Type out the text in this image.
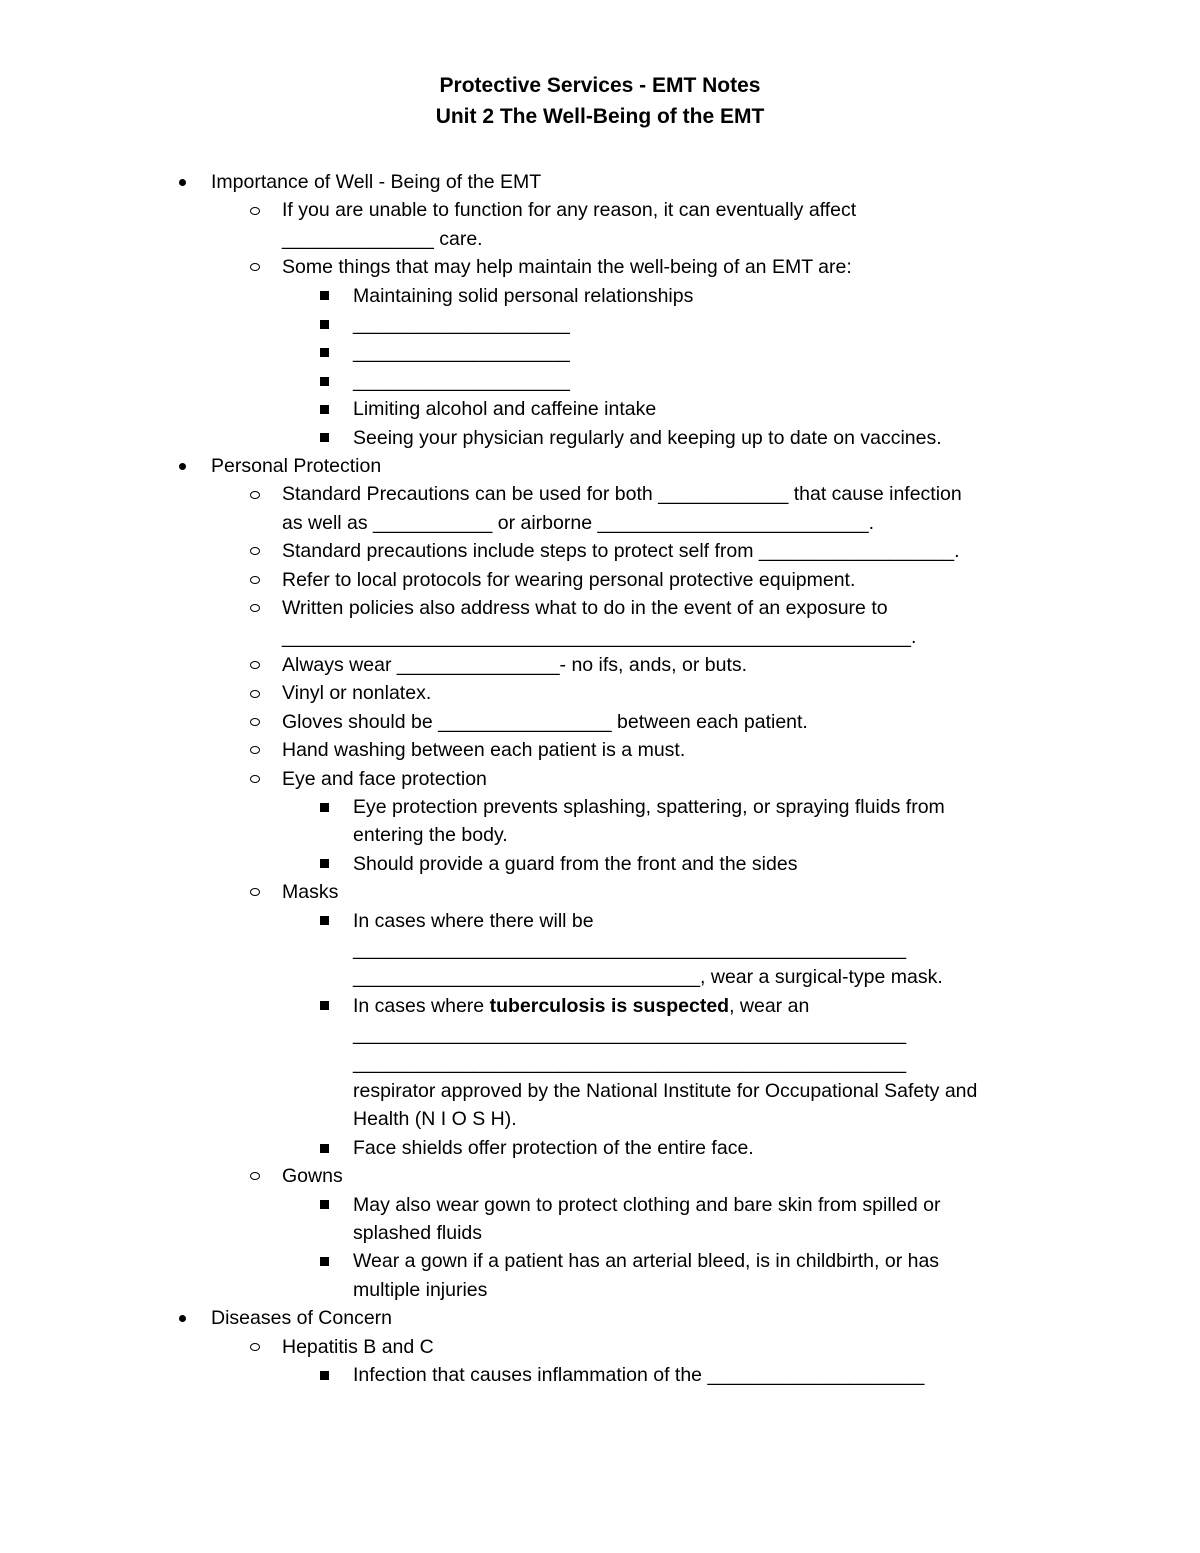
Protective Services - EMT Notes
Unit 2 The Well-Being of the EMT
Importance of Well - Being of the EMT
If you are unable to function for any reason, it can eventually affect
______________ care.
Some things that may help maintain the well-being of an EMT are:
Maintaining solid personal relationships
____________________
____________________
____________________
Limiting alcohol and caffeine intake
Seeing your physician regularly and keeping up to date on vaccines.
Personal Protection
Standard Precautions can be used for both ____________ that cause infection
as well as ___________ or airborne _________________________.
Standard precautions include steps to protect self from __________________.
Refer to local protocols for wearing personal protective equipment.
Written policies also address what to do in the event of an exposure to
__________________________________________________________.
Always wear _______________- no ifs, ands, or buts.
Vinyl or nonlatex.
Gloves should be ________________ between each patient.
Hand washing between each patient is a must.
Eye and face protection
Eye protection prevents splashing, spattering, or spraying fluids from
entering the body.
Should provide a guard from the front and the sides
Masks
In cases where there will be
___________________________________________________
________________________________, wear a surgical-type mask.
In cases where tuberculosis is suspected, wear an
___________________________________________________
___________________________________________________
respirator approved by the National Institute for Occupational Safety and
Health (N I O S H).
Face shields offer protection of the entire face.
Gowns
May also wear gown to protect clothing and bare skin from spilled or
splashed fluids
Wear a gown if a patient has an arterial bleed, is in childbirth, or has
multiple injuries
Diseases of Concern
Hepatitis B and C
Infection that causes inflammation of the ____________________
